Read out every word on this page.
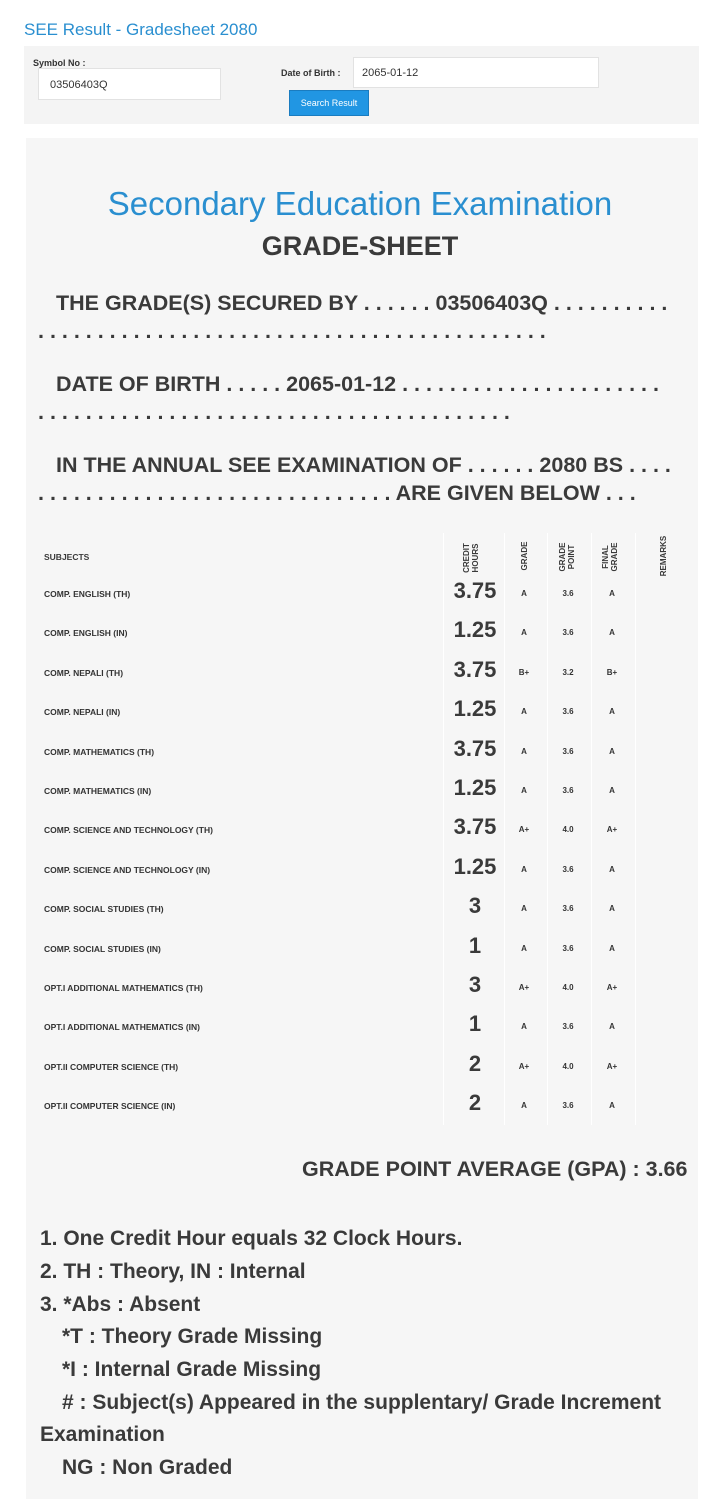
SEE Result - Gradesheet 2080
Symbol No :
03506403Q
Date of Birth :	2065-01-12
Search Result
Secondary Education Examination
GRADE-SHEET
THE GRADE(S) SECURED BY . . . . . . 03506403Q . . . . . . . . . .
. . . . . . . . . . . . . . . . . . . . . . . . . . . . . . . . . . . . . . . . . . .
DATE OF BIRTH . . . . . 2065-01-12 . . . . . . . . . . . . . . . . . . . . . .
. . . . . . . . . . . . . . . . . . . . . . . . . . . . . . . . . . . . . . . .
IN THE ANNUAL SEE EXAMINATION OF . . . . . . 2080 BS . . . .
. . . . . . . . . . . . . . . . . . . . . . . . . . . . . . ARE GIVEN BELOW . . .
SUBJECTS	CREDIT HOURS	GRADE	GRADE POINT	FINAL GRADE	REMARKS
COMP. ENGLISH (TH)	3.75	A	3.6	A
COMP. ENGLISH (IN)	1.25	A	3.6	A
COMP. NEPALI (TH)	3.75	B+	3.2	B+
COMP. NEPALI (IN)	1.25	A	3.6	A
COMP. MATHEMATICS (TH)	3.75	A	3.6	A
COMP. MATHEMATICS (IN)	1.25	A	3.6	A
COMP. SCIENCE AND TECHNOLOGY (TH)	3.75	A+	4.0	A+
COMP. SCIENCE AND TECHNOLOGY (IN)	1.25	A	3.6	A
COMP. SOCIAL STUDIES (TH)	3	A	3.6	A
COMP. SOCIAL STUDIES (IN)	1	A	3.6	A
OPT.I ADDITIONAL MATHEMATICS (TH)	3	A+	4.0	A+
OPT.I ADDITIONAL MATHEMATICS (IN)	1	A	3.6	A
OPT.II COMPUTER SCIENCE (TH)	2	A+	4.0	A+
OPT.II COMPUTER SCIENCE (IN)	2	A	3.6	A
GRADE POINT AVERAGE (GPA) : 3.66
1. One Credit Hour equals 32 Clock Hours.
2. TH : Theory, IN : Internal
3. *Abs : Absent
*T : Theory Grade Missing
*I : Internal Grade Missing
# : Subject(s) Appeared in the supplentary/ Grade Increment
Examination
NG : Non Graded
